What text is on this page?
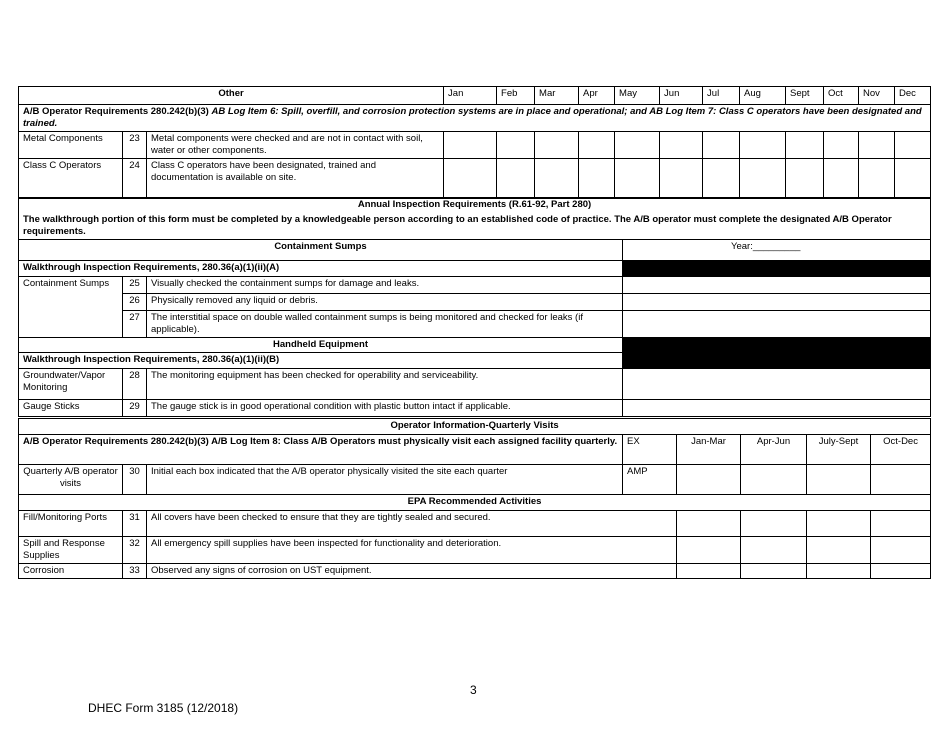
Other			Jan	Feb	Mar	Apr	May	Jun	Jul	Aug	Sept	Oct	Nov	Dec
A/B Operator Requirements 280.242(b)(3) AB Log Item 6: Spill, overfill, and corrosion protection systems are in place and operational; and AB Log Item 7: Class C operators have been designated and trained.														
Metal Components	23	Metal components were checked and are not in contact with soil, water or other components.												
Class C Operators	24	Class C operators have been designated, trained and documentation is available on site.												
Annual Inspection Requirements (R.61-92, Part 280)			
The walkthrough portion of this form must be completed by a knowledgeable person according to an established code of practice. The A/B operator must complete the designated A/B Operator requirements.			
Containment Sumps			Year:_________
Walkthrough Inspection Requirements, 280.36(a)(1)(ii)(A)			
Containment Sumps	25	Visually checked the containment sumps for damage and leaks.	
	26	Physically removed any liquid or debris.	
	27	The interstitial space on double walled containment sumps is being monitored and checked for leaks (if applicable).	
Handheld Equipment			
Walkthrough Inspection Requirements, 280.36(a)(1)(ii)(B)			
Groundwater/Vapor Monitoring	28	The monitoring equipment has been checked for operability and serviceability.	
Gauge Sticks	29	The gauge stick is in good operational condition with plastic button intact if applicable.	
Operator Information-Quarterly Visits							
A/B Operator Requirements 280.242(b)(3) A/B Log Item 8: Class A/B Operators must physically visit each assigned facility quarterly.			EX	Jan-Mar	Apr-Jun	July-Sept	Oct-Dec
Quarterly A/B operator visits	30	Initial each box indicated that the A/B operator physically visited the site each quarter	AMP				
EPA Recommended Activities							
Fill/Monitoring Ports	31	All covers have been checked to ensure that they are tightly sealed and secured.					
Spill and Response Supplies	32	All emergency spill supplies have been inspected for functionality and deterioration.					
Corrosion	33	Observed any signs of corrosion on UST equipment.					
3
DHEC Form 3185 (12/2018)
